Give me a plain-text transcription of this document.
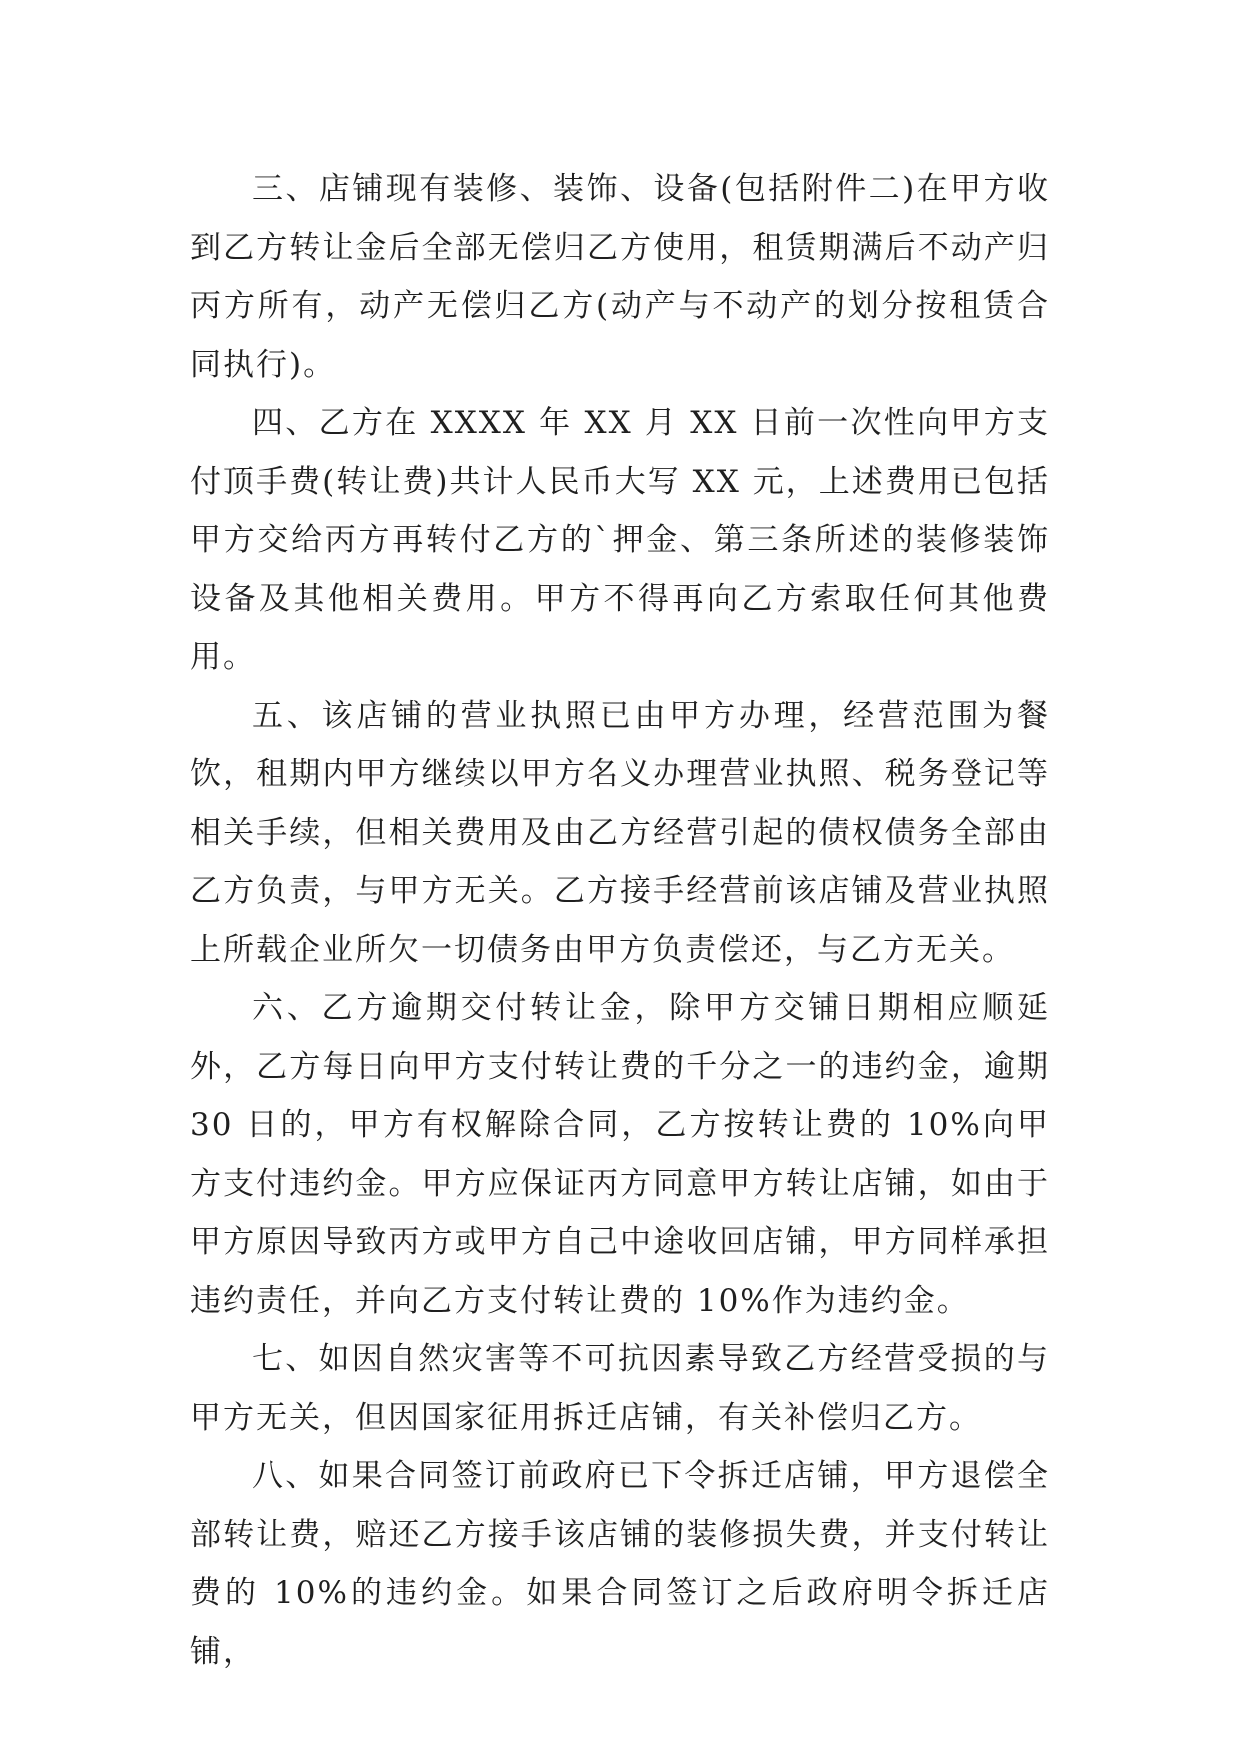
三、店铺现有装修、装饰、设备(包括附件二)在甲方收到乙方转让金后全部无偿归乙方使用，租赁期满后不动产归丙方所有，动产无偿归乙方(动产与不动产的划分按租赁合同执行)。

四、乙方在 XXXX 年 XX 月 XX 日前一次性向甲方支付顶手费(转让费)共计人民币大写 XX 元，上述费用已包括甲方交给丙方再转付乙方的`押金、第三条所述的装修装饰设备及其他相关费用。甲方不得再向乙方索取任何其他费用。

五、该店铺的营业执照已由甲方办理，经营范围为餐饮，租期内甲方继续以甲方名义办理营业执照、税务登记等相关手续，但相关费用及由乙方经营引起的债权债务全部由乙方负责，与甲方无关。乙方接手经营前该店铺及营业执照上所载企业所欠一切债务由甲方负责偿还，与乙方无关。

六、乙方逾期交付转让金，除甲方交铺日期相应顺延外，乙方每日向甲方支付转让费的千分之一的违约金，逾期 30 日的，甲方有权解除合同，乙方按转让费的 10%向甲方支付违约金。甲方应保证丙方同意甲方转让店铺，如由于甲方原因导致丙方或甲方自己中途收回店铺，甲方同样承担违约责任，并向乙方支付转让费的 10%作为违约金。

七、如因自然灾害等不可抗因素导致乙方经营受损的与甲方无关，但因国家征用拆迁店铺，有关补偿归乙方。

八、如果合同签订前政府已下令拆迁店铺，甲方退偿全部转让费，赔还乙方接手该店铺的装修损失费，并支付转让费的 10%的违约金。如果合同签订之后政府明令拆迁店铺，
